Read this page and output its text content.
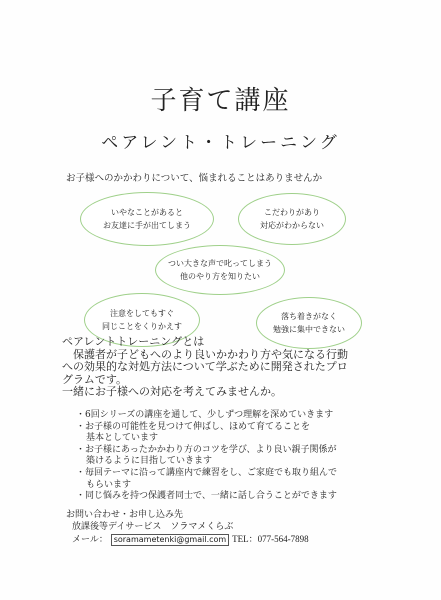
子育て講座
ペアレント・トレーニング

お子様へのかかわりについて、悩まれることはありませんか

いやなことがあると
お友達に手が出てしまう
こだわりがあり
対応がわからない
つい大きな声で叱ってしまう
他のやり方を知りたい
注意をしてもすぐ
同じことをくりかえす
落ち着きがなく
勉強に集中できない
ペアレントトレーニングとは
　保護者が子どもへのより良いかかわり方や気になる行動
への効果的な対処方法について学ぶために開発されたプロ
グラムです。
一緒にお子様への対応を考えてみませんか。
・6回シリーズの講座を通して、少しずつ理解を深めていきます
・お子様の可能性を見つけて伸ばし、ほめて育てることを
基本としています
・お子様にあったかかわり方のコツを学び、より良い親子関係が
築けるように目指していきます
・毎回テーマに沿って講座内で練習をし、ご家庭でも取り組んで
もらいます
・同じ悩みを持つ保護者同士で、一緒に話し合うことができます
お問い合わせ・お申し込み先
放課後等デイサービス　ソラマメくらぶ
メール： soramametenki@gmail.com TEL：077-564-7898
